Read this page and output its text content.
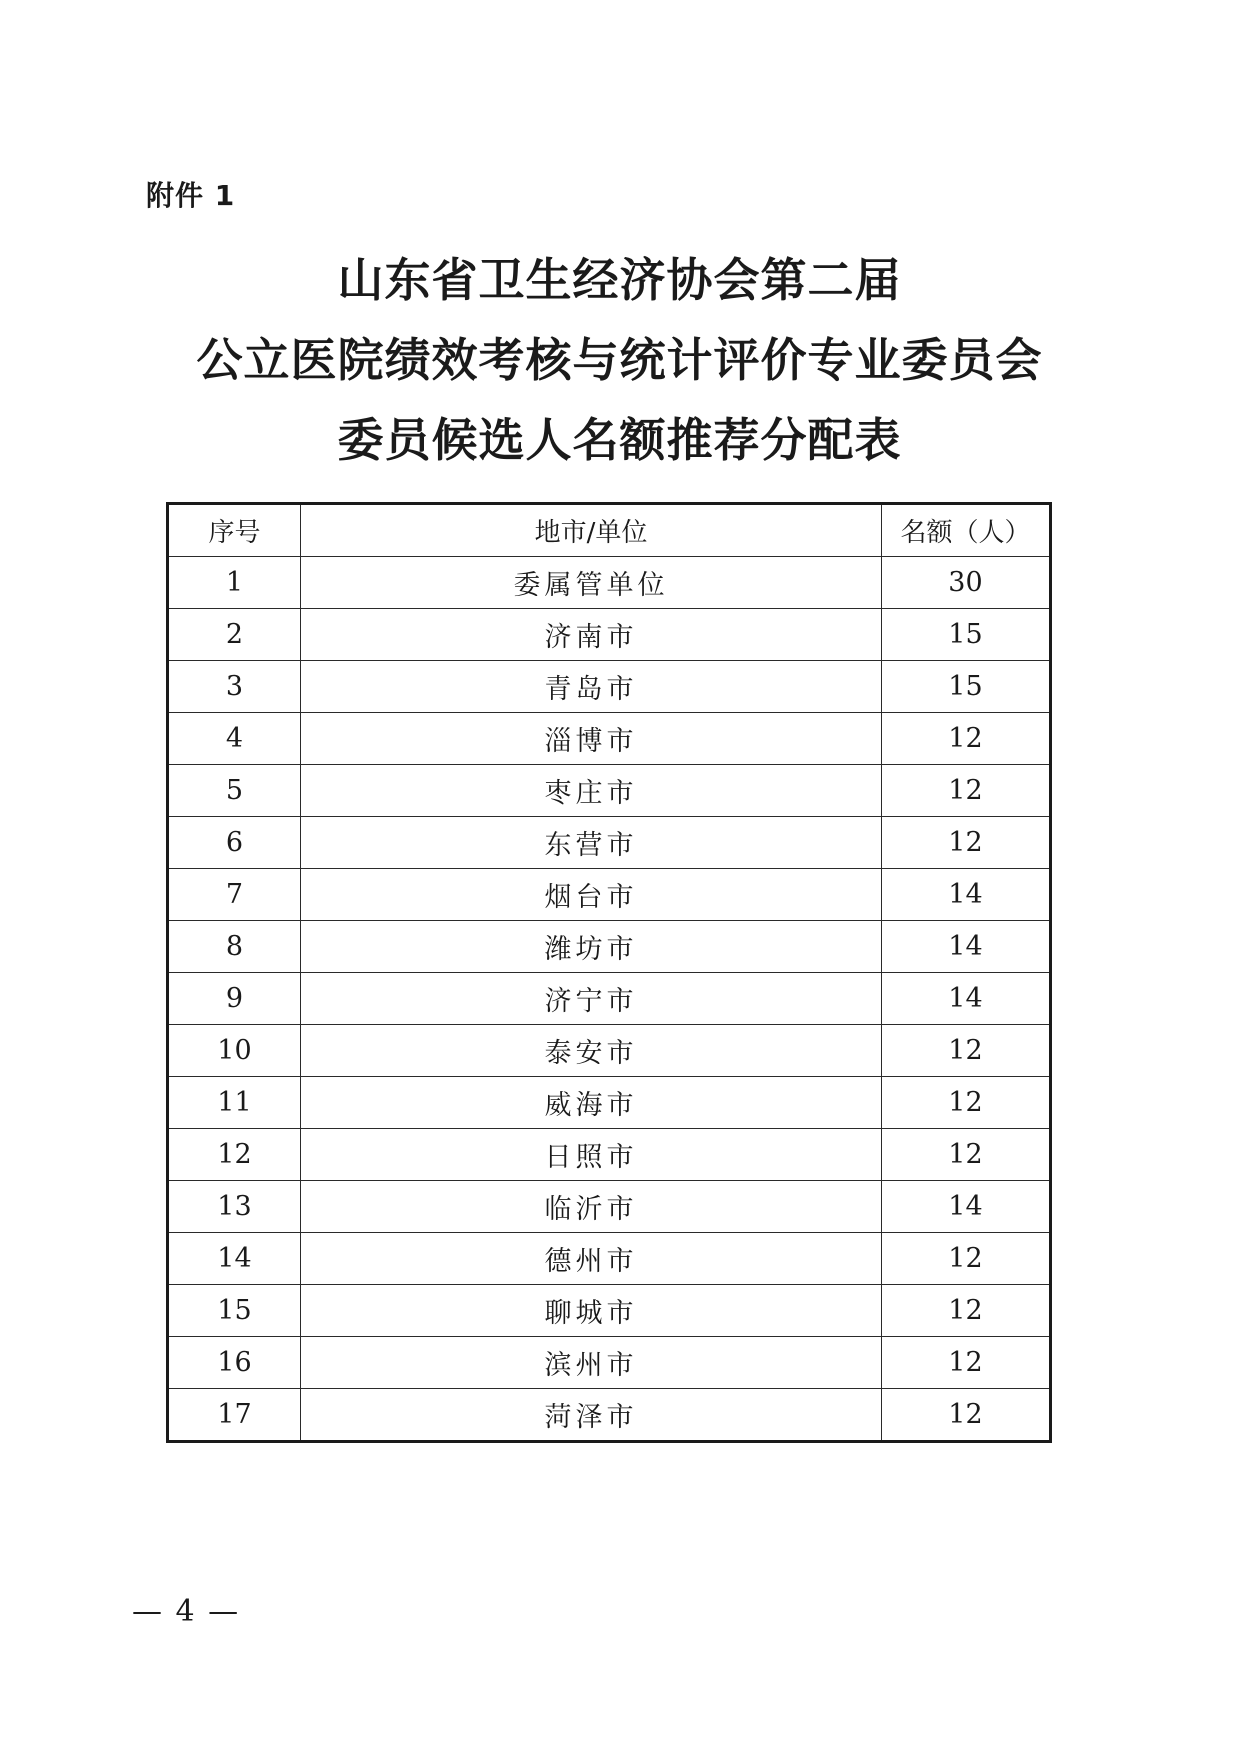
附件 1
山东省卫生经济协会第二届
公立医院绩效考核与统计评价专业委员会
委员候选人名额推荐分配表
序号	地市/单位	名额（人）
1	委属管单位	30
2	济南市	15
3	青岛市	15
4	淄博市	12
5	枣庄市	12
6	东营市	12
7	烟台市	14
8	潍坊市	14
9	济宁市	14
10	泰安市	12
11	威海市	12
12	日照市	12
13	临沂市	14
14	德州市	12
15	聊城市	12
16	滨州市	12
17	菏泽市	12
— 4 —
